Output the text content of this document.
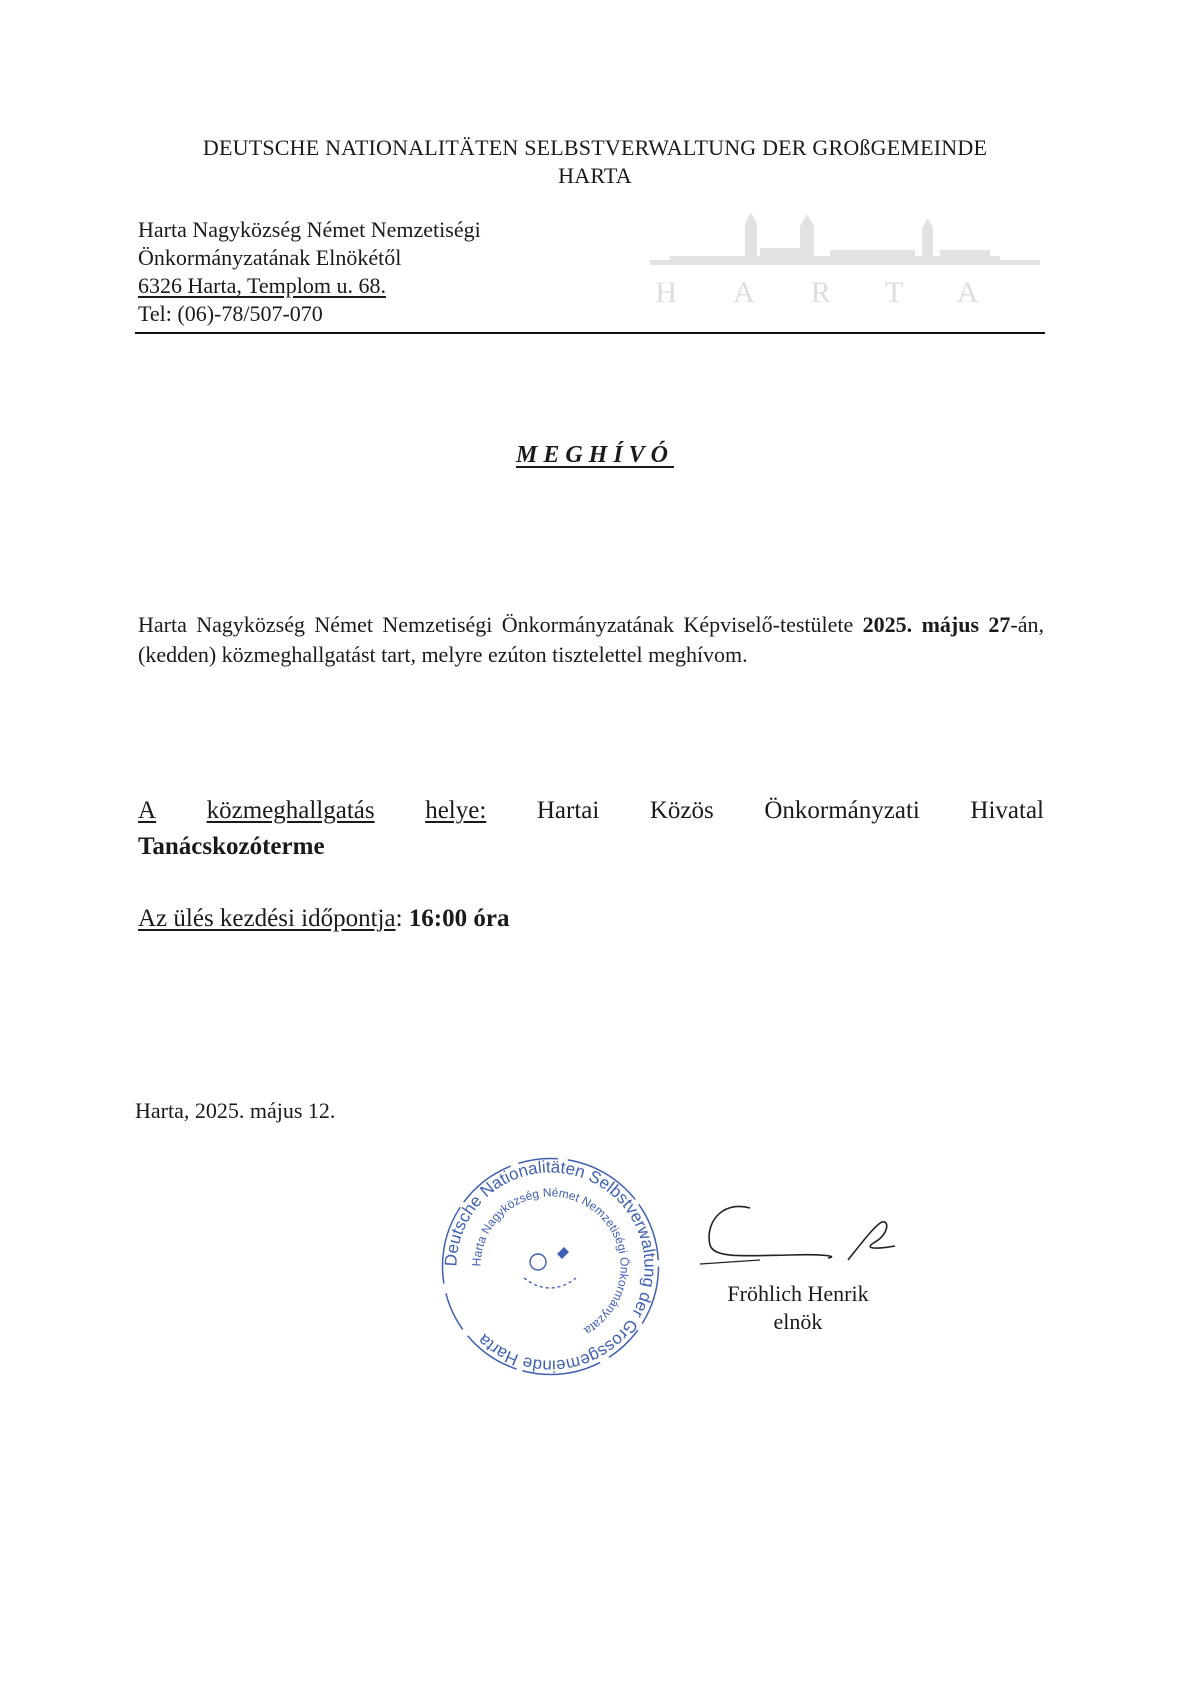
DEUTSCHE NATIONALITÄTEN SELBSTVERWALTUNG DER GROßGEMEINDE
HARTA
Harta Nagyközség Német Nemzetiségi
Önkormányzatának Elnökétől
6326 Harta, Templom u. 68.
Tel: (06)-78/507-070
HARTA
MEGHÍVÓ
Harta Nagyközség Német Nemzetiségi Önkormányzatának Képviselő-testülete 2025. május 27-án, (kedden) közmeghallgatást tart, melyre ezúton tisztelettel meghívom.
A közmeghallgatás helye: Hartai Közös Önkormányzati Hivatal
Tanácskozóterme
Az ülés kezdési időpontja: 16:00 óra
Harta, 2025. május 12.
Deutsche Nationalitäten Selbstverwaltung der Grossgemeinde Harta
Harta Nagyközség Német Nemzetiségi Önkormányzata
Fröhlich Henrik
elnök
